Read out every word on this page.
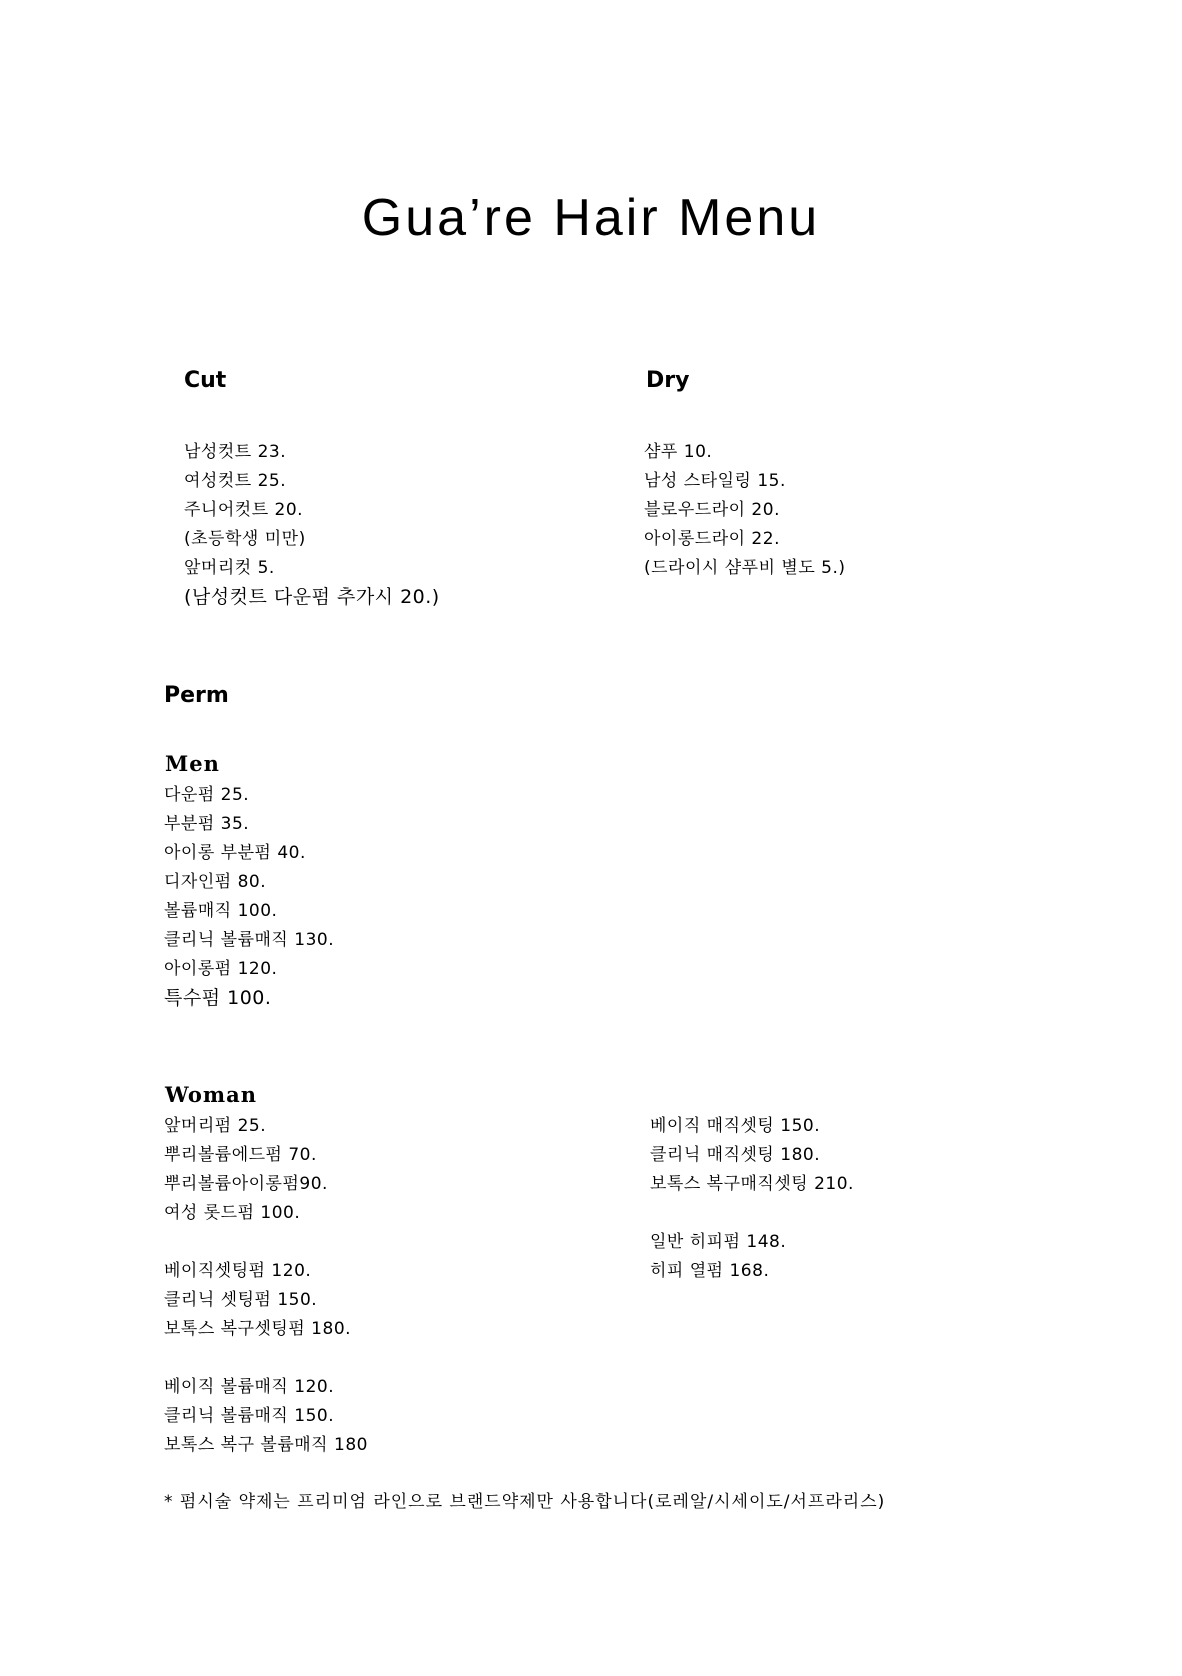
Gua’re Hair Menu
Cut
남성컷트 23.
여성컷트 25.
주니어컷트 20.
(초등학생 미만)
앞머리컷 5.
(남성컷트 다운펌 추가시 20.)
Dry
샴푸 10.
남성 스타일링 15.
블로우드라이 20.
아이롱드라이 22.
(드라이시 샴푸비 별도 5.)
Perm
Men
다운펌 25.
부분펌 35.
아이롱 부분펌 40.
디자인펌 80.
볼륨매직 100.
클리닉 볼륨매직 130.
아이롱펌 120.
특수펌 100.
Woman
앞머리펌 25.
뿌리볼륨에드펌 70.
뿌리볼륨아이롱펌90.
여성 롯드펌 100.
베이직셋팅펌 120.
클리닉 셋팅펌 150.
보톡스 복구셋팅펌 180.
베이직 볼륨매직 120.
클리닉 볼륨매직 150.
보톡스 복구 볼륨매직 180
베이직 매직셋팅 150.
클리닉 매직셋팅 180.
보톡스 복구매직셋팅 210.
일반 히피펌 148.
히피 열펌 168.
* 펌시술 약제는 프리미엄 라인으로 브랜드약제만 사용합니다(로레알/시세이도/서프라리스)
